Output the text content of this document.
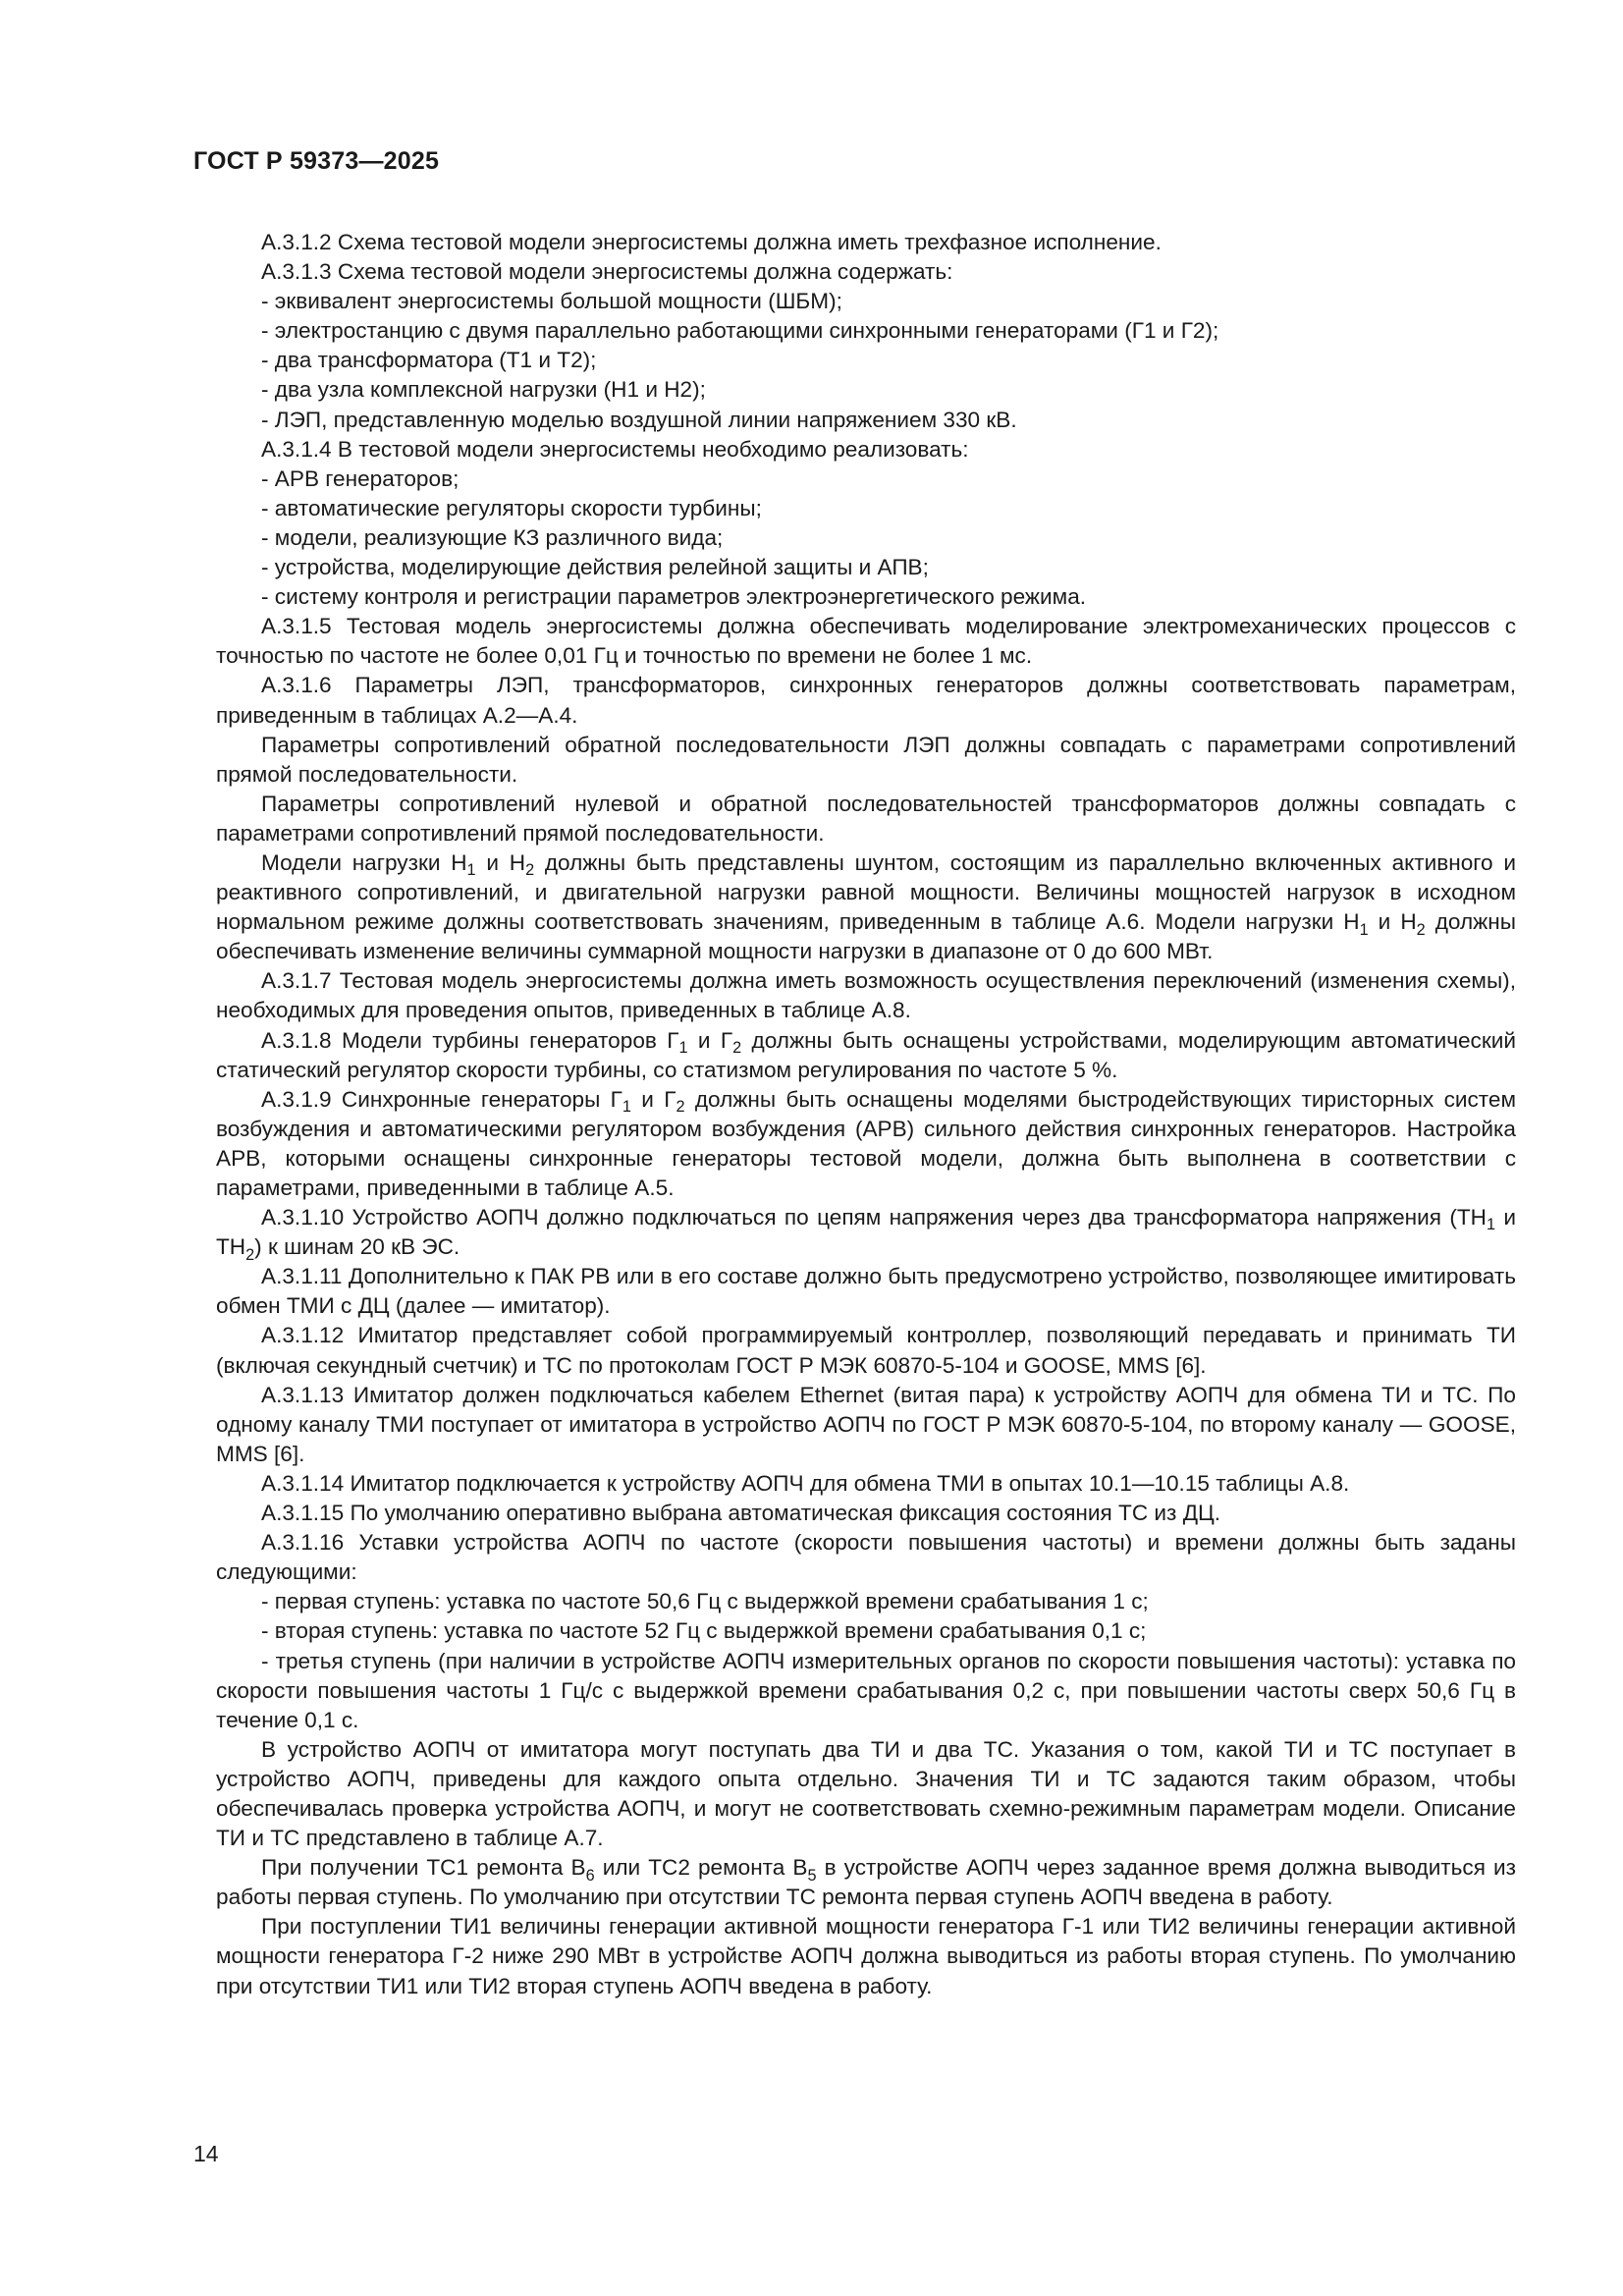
ГОСТ Р 59373—2025

А.3.1.2 Схема тестовой модели энергосистемы должна иметь трехфазное исполнение.

А.3.1.3 Схема тестовой модели энергосистемы должна содержать:

- эквивалент энергосистемы большой мощности (ШБМ);

- электростанцию с двумя параллельно работающими синхронными генераторами (Г1 и Г2);

- два трансформатора (Т1 и Т2);

- два узла комплексной нагрузки (Н1 и Н2);

- ЛЭП, представленную моделью воздушной линии напряжением 330 кВ.

А.3.1.4 В тестовой модели энергосистемы необходимо реализовать:

- АРВ генераторов;

- автоматические регуляторы скорости турбины;

- модели, реализующие КЗ различного вида;

- устройства, моделирующие действия релейной защиты и АПВ;

- систему контроля и регистрации параметров электроэнергетического режима.

А.3.1.5 Тестовая модель энергосистемы должна обеспечивать моделирование электромеханических процессов с точностью по частоте не более 0,01 Гц и точностью по времени не более 1 мс.

А.3.1.6 Параметры ЛЭП, трансформаторов, синхронных генераторов должны соответствовать параметрам, приведенным в таблицах А.2—А.4.

Параметры сопротивлений обратной последовательности ЛЭП должны совпадать с параметрами сопротивлений прямой последовательности.

Параметры сопротивлений нулевой и обратной последовательностей трансформаторов должны совпадать с параметрами сопротивлений прямой последовательности.

Модели нагрузки $Н_1$ и $Н_2$ должны быть представлены шунтом, состоящим из параллельно включенных активного и реактивного сопротивлений, и двигательной нагрузки равной мощности. Величины мощностей нагрузок в исходном нормальном режиме должны соответствовать значениям, приведенным в таблице А.6. Модели нагрузки $Н_1$ и $Н_2$ должны обеспечивать изменение величины суммарной мощности нагрузки в диапазоне от 0 до 600 МВт.

А.3.1.7 Тестовая модель энергосистемы должна иметь возможность осуществления переключений (изменения схемы), необходимых для проведения опытов, приведенных в таблице А.8.

А.3.1.8 Модели турбины генераторов $Г_1$ и $Г_2$ должны быть оснащены устройствами, моделирующим автоматический статический регулятор скорости турбины, со статизмом регулирования по частоте 5 %.

А.3.1.9 Синхронные генераторы $Г_1$ и $Г_2$ должны быть оснащены моделями быстродействующих тиристорных систем возбуждения и автоматическими регулятором возбуждения (АРВ) сильного действия синхронных генераторов. Настройка АРВ, которыми оснащены синхронные генераторы тестовой модели, должна быть выполнена в соответствии с параметрами, приведенными в таблице А.5.

А.3.1.10 Устройство АОПЧ должно подключаться по цепям напряжения через два трансформатора напряжения ($ТН_1$ и $ТН_2$) к шинам 20 кВ ЭС.

А.3.1.11 Дополнительно к ПАК РВ или в его составе должно быть предусмотрено устройство, позволяющее имитировать обмен ТМИ с ДЦ (далее — имитатор).

А.3.1.12 Имитатор представляет собой программируемый контроллер, позволяющий передавать и принимать ТИ (включая секундный счетчик) и ТС по протоколам ГОСТ Р МЭК 60870-5-104 и GOOSE, MMS [6].

А.3.1.13 Имитатор должен подключаться кабелем Ethernet (витая пара) к устройству АОПЧ для обмена ТИ и ТС. По одному каналу ТМИ поступает от имитатора в устройство АОПЧ по ГОСТ Р МЭК 60870-5-104, по второму каналу — GOOSE, MMS [6].

А.3.1.14 Имитатор подключается к устройству АОПЧ для обмена ТМИ в опытах 10.1—10.15 таблицы А.8.

А.3.1.15 По умолчанию оперативно выбрана автоматическая фиксация состояния ТС из ДЦ.

А.3.1.16 Уставки устройства АОПЧ по частоте (скорости повышения частоты) и времени должны быть заданы следующими:

- первая ступень: уставка по частоте 50,6 Гц с выдержкой времени срабатывания 1 с;

- вторая ступень: уставка по частоте 52 Гц с выдержкой времени срабатывания 0,1 с;

- третья ступень (при наличии в устройстве АОПЧ измерительных органов по скорости повышения частоты): уставка по скорости повышения частоты 1 Гц/с с выдержкой времени срабатывания 0,2 с, при повышении частоты сверх 50,6 Гц в течение 0,1 с.

В устройство АОПЧ от имитатора могут поступать два ТИ и два ТС. Указания о том, какой ТИ и ТС поступает в устройство АОПЧ, приведены для каждого опыта отдельно. Значения ТИ и ТС задаются таким образом, чтобы обеспечивалась проверка устройства АОПЧ, и могут не соответствовать схемно-режимным параметрам модели. Описание ТИ и ТС представлено в таблице А.7.

При получении ТС1 ремонта $В_6$ или ТС2 ремонта $В_5$ в устройстве АОПЧ через заданное время должна выводиться из работы первая ступень. По умолчанию при отсутствии ТС ремонта первая ступень АОПЧ введена в работу.

При поступлении ТИ1 величины генерации активной мощности генератора Г-1 или ТИ2 величины генерации активной мощности генератора Г-2 ниже 290 МВт в устройстве АОПЧ должна выводиться из работы вторая ступень. По умолчанию при отсутствии ТИ1 или ТИ2 вторая ступень АОПЧ введена в работу.

14
